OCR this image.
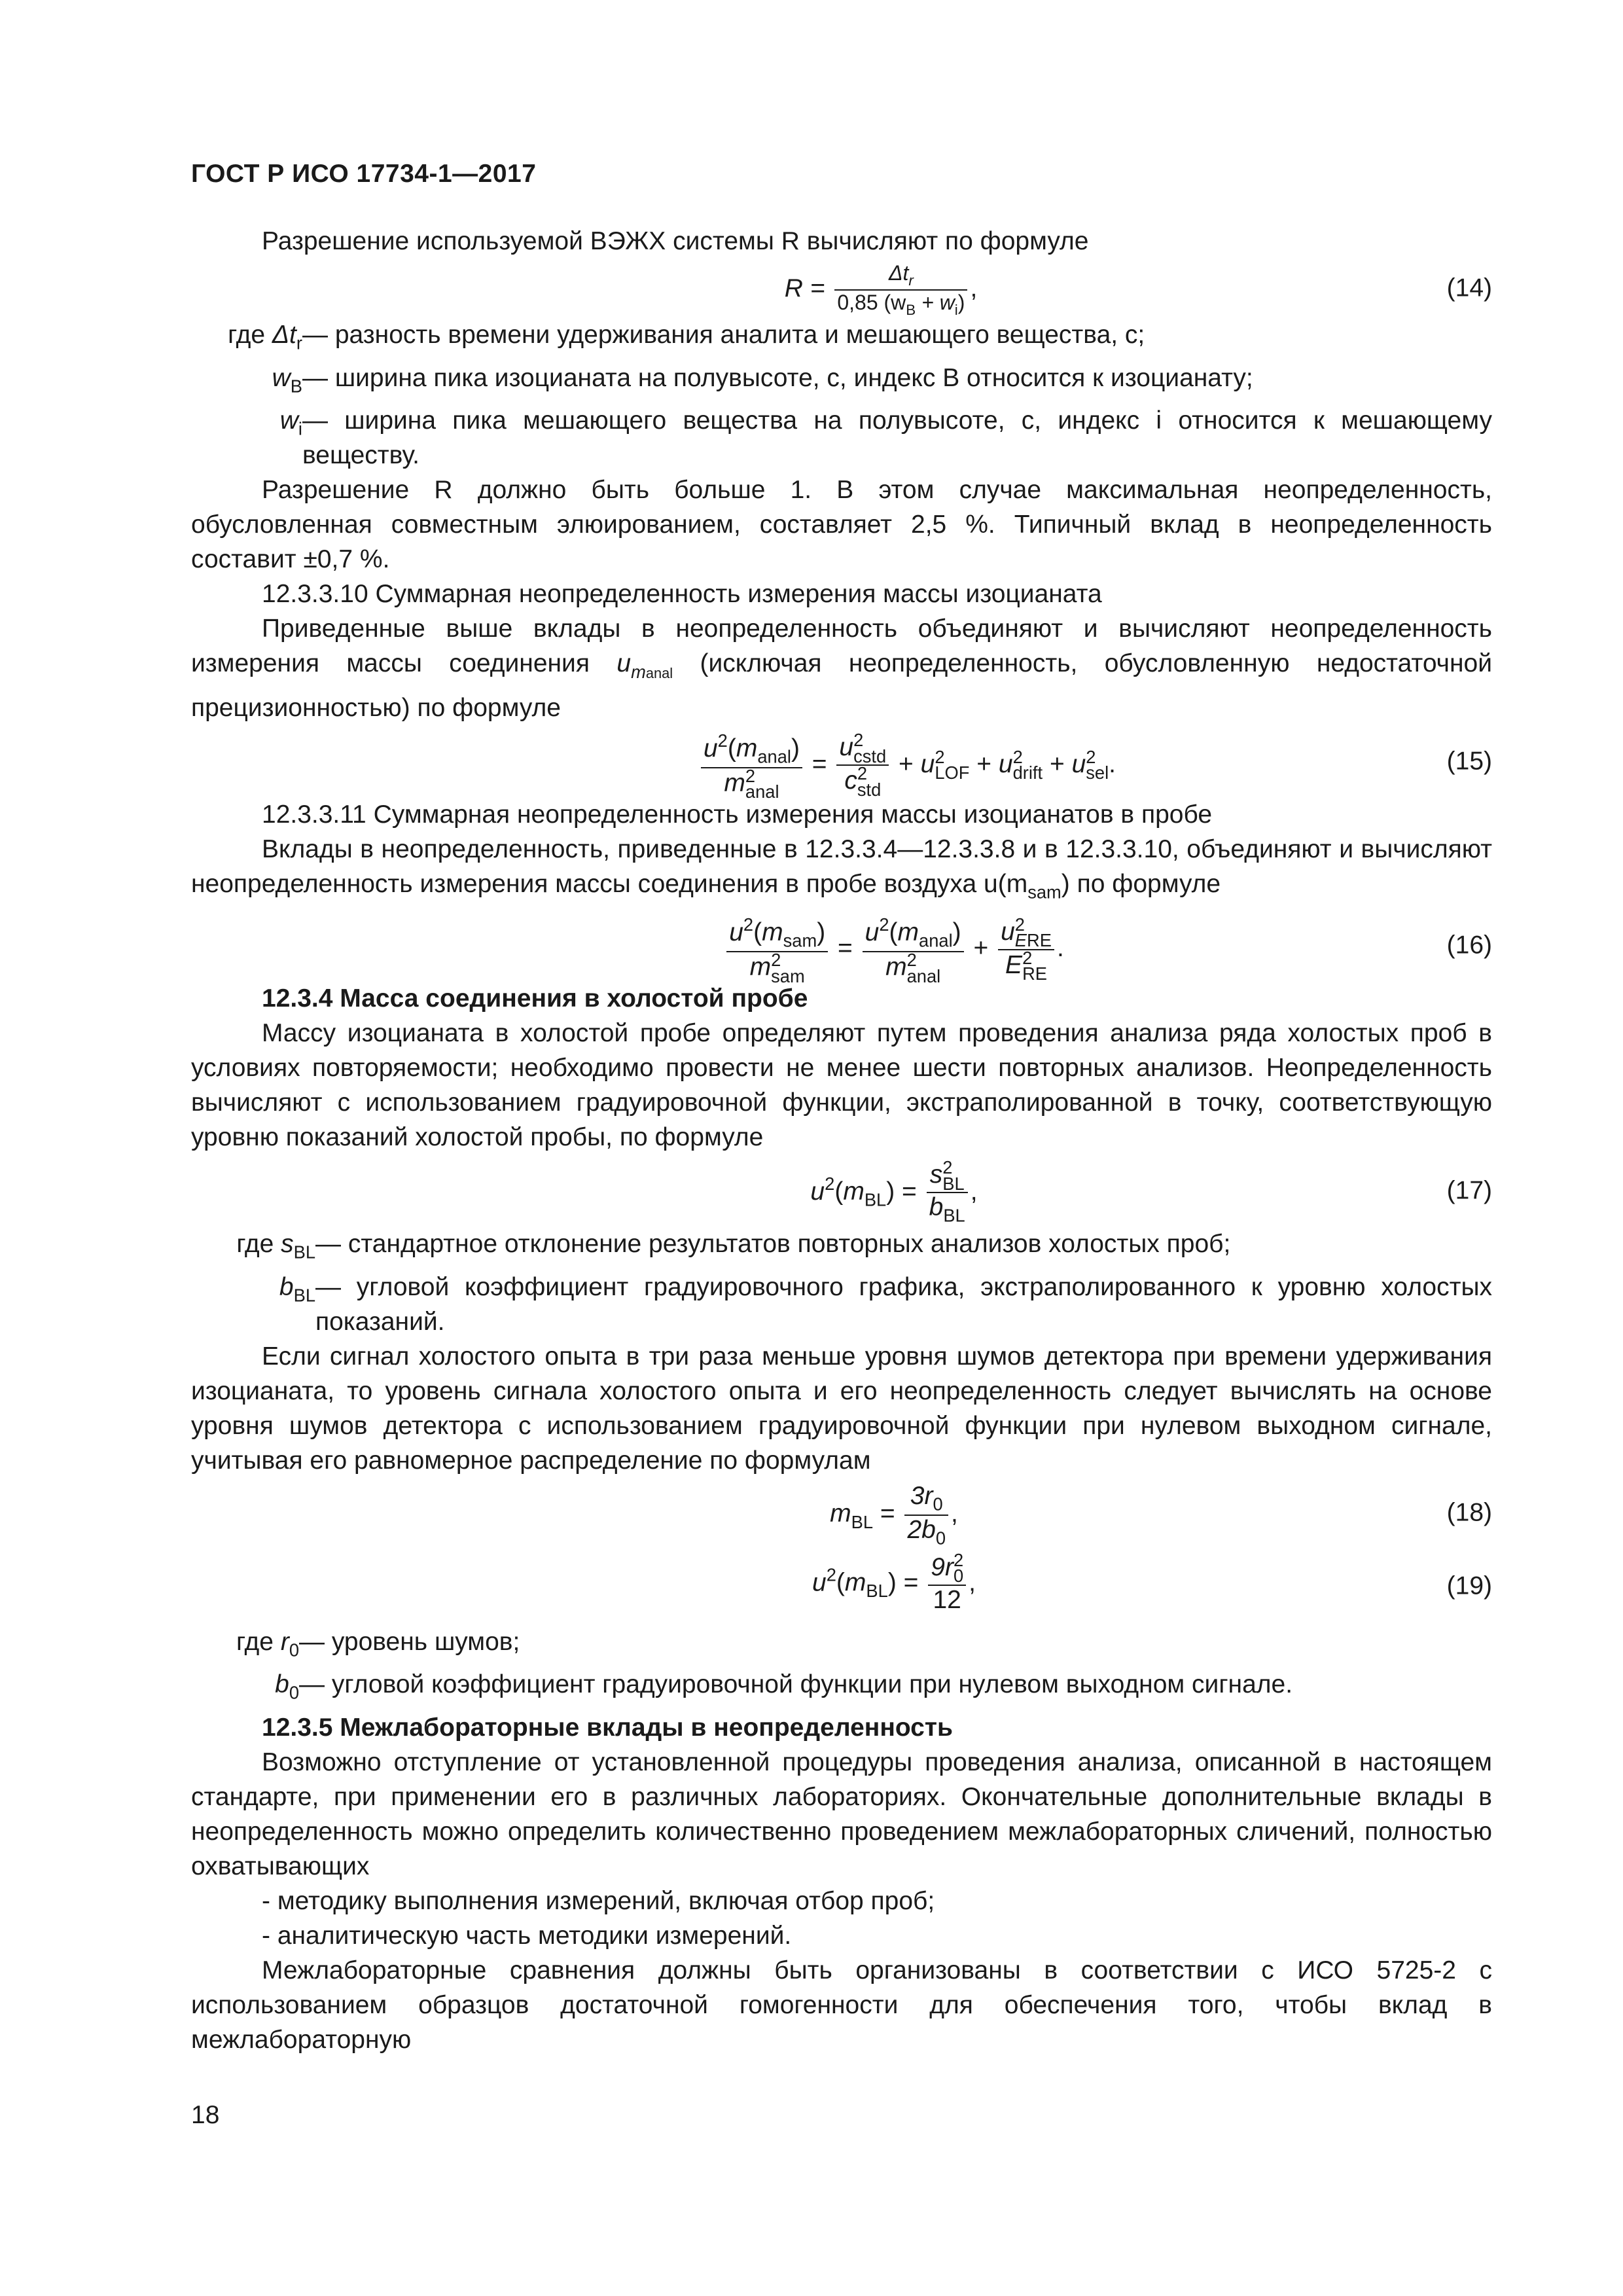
ГОСТ Р ИСО 17734-1—2017

Разрешение используемой ВЭЖХ системы R вычисляют по формуле

$R = \frac{\Delta t_r}{0,85 (w_B + w_i)}$ ,	(14)
где $\Delta t_r$ — разность времени удерживания аналита и мешающего вещества, с;
$w_B$ — ширина пика изоцианата на полувысоте, с, индекс B относится к изоцианату;
$w_i$ — ширина пика мешающего вещества на полувысоте, с, индекс i относится к мешающему веществу.

Разрешение R должно быть больше 1. В этом случае максимальная неопределенность, обусловленная совместным элюированием, составляет 2,5 %. Типичный вклад в неопределенность составит ±0,7 %.

12.3.3.10 Суммарная неопределенность измерения массы изоцианата

Приведенные выше вклады в неопределенность объединяют и вычисляют неопределенность измерения массы соединения $u_{manal}$ (исключая неопределенность, обусловленную недостаточной прецизионностью) по формуле

$u^2(m_{anal})$
m 2
anal = u 2
cstd
c 2
std + u 2
LOF + u 2
drift + u 2
sel .	(15)

12.3.3.11 Суммарная неопределенность измерения массы изоцианатов в пробе

Вклады в неопределенность, приведенные в 12.3.3.4—12.3.3.8 и в 12.3.3.10, объединяют и вычисляют неопределенность измерения массы соединения в пробе воздуха $u(m_{sam})$ по формуле

$u^2(m_{sam})$
m 2
sam = $u^2(m_{anal})$
m 2
anal + u 2
ERE
E 2
RE .	(16)

12.3.4 Масса соединения в холостой пробе

Массу изоцианата в холостой пробе определяют путем проведения анализа ряда холостых проб в условиях повторяемости; необходимо провести не менее шести повторных анализов. Неопределенность вычисляют с использованием градуировочной функции, экстраполированной в точку, соответствующую уровню показаний холостой пробы, по формуле

$u^2(m_{BL}) = s$ 2
BL
$b_{BL}$ ,	(17)
где $s_{BL}$ — стандартное отклонение результатов повторных анализов холостых проб;
$b_{BL}$ — угловой коэффициент градуировочного графика, экстраполированного к уровню холостых показаний.

Если сигнал холостого опыта в три раза меньше уровня шумов детектора при времени удерживания изоцианата, то уровень сигнала холостого опыта и его неопределенность следует вычислять на основе уровня шумов детектора с использованием градуировочной функции при нулевом выходном сигнале, учитывая его равномерное распределение по формулам

$m_{BL} = \frac{3r_0}{2b_0}$ ,	(18)
$u^2(m_{BL}) = 9r$ 2
0
12 ,	(19)
где $r_0$ — уровень шумов;
$b_0$ — угловой коэффициент градуировочной функции при нулевом выходном сигнале.

12.3.5 Межлабораторные вклады в неопределенность

Возможно отступление от установленной процедуры проведения анализа, описанной в настоящем стандарте, при применении его в различных лабораториях. Окончательные дополнительные вклады в неопределенность можно определить количественно проведением межлабораторных сличений, полностью охватывающих

- методику выполнения измерений, включая отбор проб;

- аналитическую часть методики измерений.

Межлабораторные сравнения должны быть организованы в соответствии с ИСО 5725-2 с использованием образцов достаточной гомогенности для обеспечения того, чтобы вклад в межлабораторную

18
